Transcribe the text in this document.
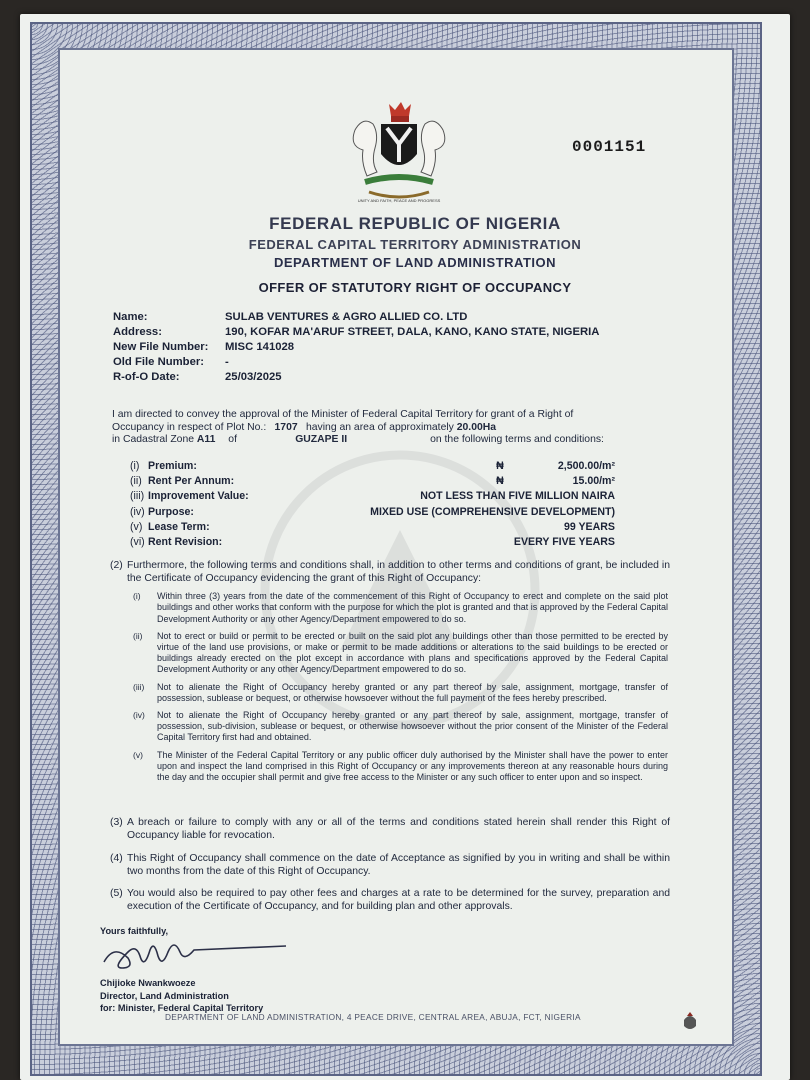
UNITY AND FAITH, PEACE AND PROGRESS
0001151
FEDERAL REPUBLIC OF NIGERIA
FEDERAL CAPITAL TERRITORY ADMINISTRATION
DEPARTMENT OF LAND ADMINISTRATION
OFFER OF STATUTORY RIGHT OF OCCUPANCY
Name:	SULAB VENTURES & AGRO ALLIED CO. LTD
Address:	190, KOFAR MA'ARUF STREET, DALA, KANO, KANO STATE, NIGERIA
New File Number:	MISC 141028
Old File Number:	-
R-of-O Date:	25/03/2025
I am directed to convey the approval of the Minister of Federal Capital Territory for grant of a Right of
Occupancy in respect of Plot No.: 1707 having an area of approximately 20.00Ha
in Cadastral Zone A11 of	GUZAPE II	on the following terms and conditions:
(i) Premium:	₦	2,500.00/m²
(ii) Rent Per Annum:	₦	15.00/m²
(iii) Improvement Value:	NOT LESS THAN FIVE MILLION NAIRA
(iv) Purpose:	MIXED USE (COMPREHENSIVE DEVELOPMENT)
(v) Lease Term:	99 YEARS
(vi) Rent Revision:	EVERY FIVE YEARS
(2) Furthermore, the following terms and conditions shall, in addition to other terms and conditions of grant, be included in the Certificate of Occupancy evidencing the grant of this Right of Occupancy:
(i)	Within three (3) years from the date of the commencement of this Right of Occupancy to erect and complete on the said plot buildings and other works that conform with the purpose for which the plot is granted and that is approved by the Federal Capital Development Authority or any other Agency/Department empowered to do so.
(ii)	Not to erect or build or permit to be erected or built on the said plot any buildings other than those permitted to be erected by virtue of the land use provisions, or make or permit to be made additions or alterations to the said buildings to be erected or buildings already erected on the plot except in accordance with plans and specifications approved by the Federal Capital Development Authority or any other Agency/Department empowered to do so.
(iii)	Not to alienate the Right of Occupancy hereby granted or any part thereof by sale, assignment, mortgage, transfer of possession, sublease or bequest, or otherwise howsoever without the full payment of the fees hereby prescribed.
(iv)	Not to alienate the Right of Occupancy hereby granted or any part thereof by sale, assignment, mortgage, transfer of possession, sub-division, sublease or bequest, or otherwise howsoever without the prior consent of the Minister of the Federal Capital Territory first had and obtained.
(v)	The Minister of the Federal Capital Territory or any public officer duly authorised by the Minister shall have the power to enter upon and inspect the land comprised in this Right of Occupancy or any improvements thereon at any reasonable hours during the day and the occupier shall permit and give free access to the Minister or any such officer to enter upon and so inspect.
(3) A breach or failure to comply with any or all of the terms and conditions stated herein shall render this Right of Occupancy liable for revocation.
(4) This Right of Occupancy shall commence on the date of Acceptance as signified by you in writing and shall be within two months from the date of this Right of Occupancy.
(5) You would also be required to pay other fees and charges at a rate to be determined for the survey, preparation and execution of the Certificate of Occupancy, and for building plan and other approvals.
Yours faithfully,
Chijioke Nwankwoeze
Director, Land Administration
for: Minister, Federal Capital Territory
DEPARTMENT OF LAND ADMINISTRATION, 4 PEACE DRIVE, CENTRAL AREA, ABUJA, FCT, NIGERIA
